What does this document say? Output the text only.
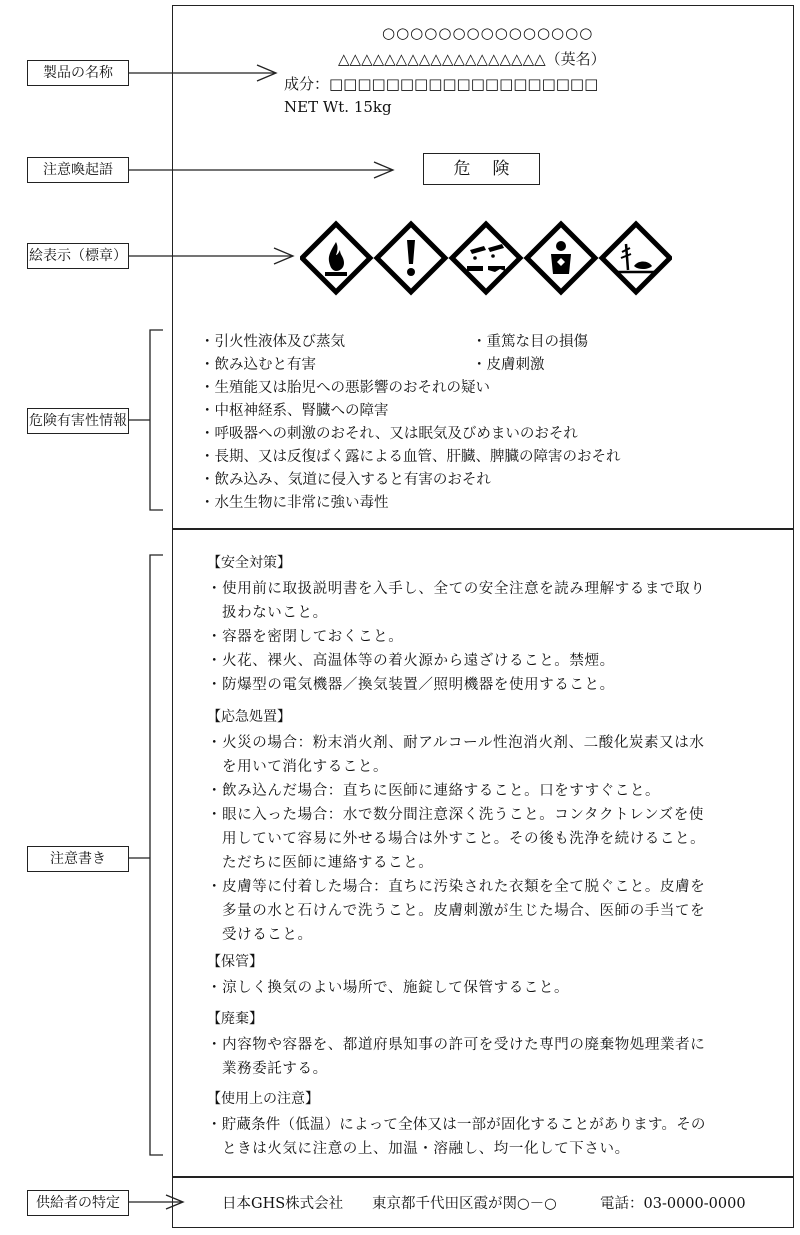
製品の名称
注意喚起語
絵表示（標章）
危険有害性情報
注意書き
供給者の特定
○○○○○○○○○○○○○○○
△△△△△△△△△△△△△△△△△△（英名）
成分：□□□□□□□□□□□□□□□□□□□
NET Wt. 15kg
危険
・引火性液体及び蒸気	・重篤な目の損傷
・飲み込むと有害	・皮膚刺激
・生殖能又は胎児への悪影響のおそれの疑い
・中枢神経系、腎臓への障害
・呼吸器への刺激のおそれ、又は眠気及びめまいのおそれ
・長期、又は反復ばく露による血管、肝臓、脾臓の障害のおそれ
・飲み込み、気道に侵入すると有害のおそれ
・水生生物に非常に強い毒性
【安全対策】
・使用前に取扱説明書を入手し、全ての安全注意を読み理解するまで取り
扱わないこと。
・容器を密閉しておくこと。
・火花、裸火、高温体等の着火源から遠ざけること。禁煙。
・防爆型の電気機器／換気装置／照明機器を使用すること。
【応急処置】
・火災の場合：粉末消火剤、耐アルコール性泡消火剤、二酸化炭素又は水
を用いて消化すること。
・飲み込んだ場合：直ちに医師に連絡すること。口をすすぐこと。
・眼に入った場合：水で数分間注意深く洗うこと。コンタクトレンズを使
用していて容易に外せる場合は外すこと。その後も洗浄を続けること。
ただちに医師に連絡すること。
・皮膚等に付着した場合：直ちに汚染された衣類を全て脱ぐこと。皮膚を
多量の水と石けんで洗うこと。皮膚刺激が生じた場合、医師の手当てを
受けること。
【保管】
・涼しく換気のよい場所で、施錠して保管すること。
【廃棄】
・内容物や容器を、都道府県知事の許可を受けた専門の廃棄物処理業者に
業務委託する。
【使用上の注意】
・貯蔵条件（低温）によって全体又は一部が固化することがあります。その
ときは火気に注意の上、加温・溶融し、均一化して下さい。
日本GHS株式会社 東京都千代田区霞が関○－○	電話：03-0000-0000
